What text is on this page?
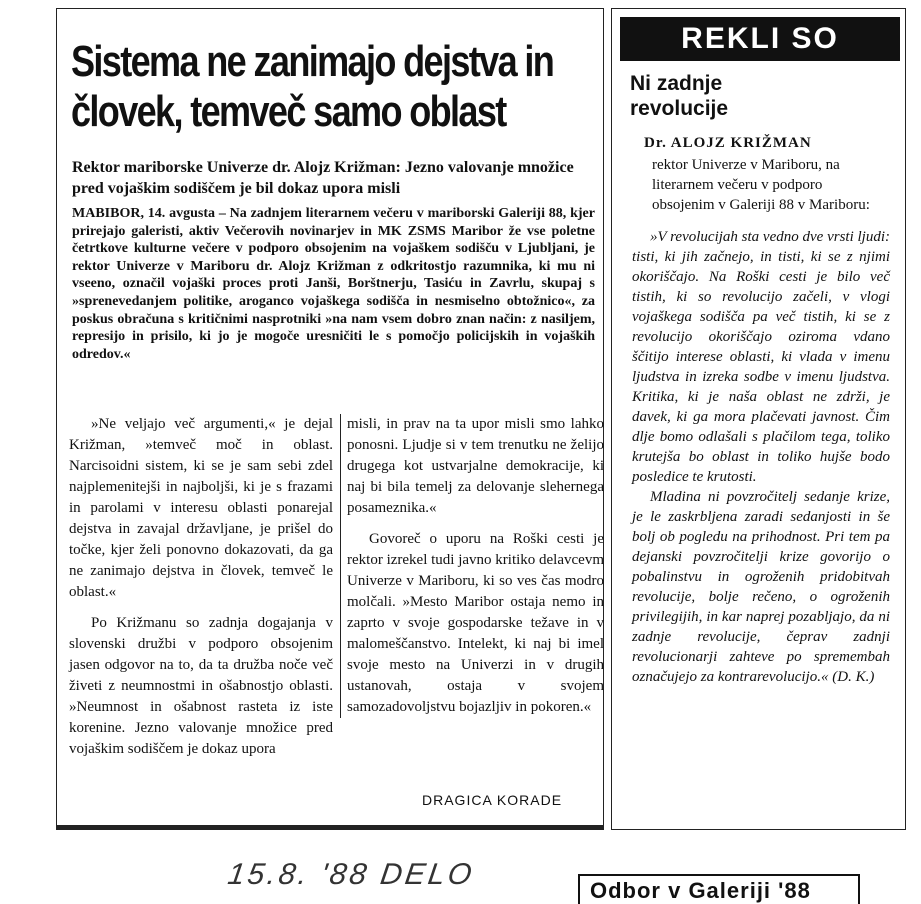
Sistema ne zanimajo dejstva in človek, temveč samo oblast

Rektor mariborske Univerze dr. Alojz Križman: Jezno valovanje množice pred vojaškim sodiščem je bil dokaz upora misli

MABIBOR, 14. avgusta – Na zadnjem literarnem večeru v mariborski Galeriji 88, kjer prirejajo galeristi, aktiv Večerovih novinarjev in MK ZSMS Maribor že vse poletne četrtkove kulturne večere v podporo obsojenim na vojaškem sodišču v Ljubljani, je rektor Univerze v Mariboru dr. Alojz Križman z odkritostjo razumnika, ki mu ni vseeno, označil vojaški proces proti Janši, Borštnerju, Tasiću in Zavrlu, skupaj s »sprenevedanjem politike, aroganco vojaškega sodišča in nesmiselno obtožnico«, za poskus obračuna s kritičnimi nasprotniki »na nam vsem dobro znan način: z nasiljem, represijo in prisilo, ki jo je mogoče uresničiti le s pomočjo policijskih in vojaških odredov.«

»Ne veljajo več argumenti,« je dejal Križman, »temveč moč in oblast. Narcisoidni sistem, ki se je sam sebi zdel najplemenitejši in najboljši, ki je s frazami in parolami v interesu oblasti ponarejal dejstva in zavajal državljane, je prišel do točke, kjer želi ponovno dokazovati, da ga ne zanimajo dejstva in človek, temveč le oblast.«

Po Križmanu so zadnja dogajanja v slovenski družbi v podporo obsojenim jasen odgovor na to, da ta družba noče več živeti z neumnostmi in ošabnostjo oblasti. »Neumnost in ošabnost rasteta iz iste korenine. Jezno valovanje množice pred vojaškim sodiščem je dokaz upora

misli, in prav na ta upor misli smo lahko ponosni. Ljudje si v tem trenutku ne želijo drugega kot ustvarjalne demokracije, ki naj bi bila temelj za delovanje slehernega posameznika.«

Govoreč o uporu na Roški cesti je rektor izrekel tudi javno kritiko delavcevm Univerze v Mariboru, ki so ves čas modro molčali. »Mesto Maribor ostaja nemo in zaprto v svoje gospodarske težave in v malomeščanstvo. Intelekt, ki naj bi imel svoje mesto na Univerzi in v drugih ustanovah, ostaja v svojem samozadovoljstvu bojazljiv in pokoren.«

DRAGICA KORADE
REKLI SO
Ni zadnje
revolucije
Dr. ALOJZ KRIŽMAN

rektor Univerze v Mariboru, na literarnem večeru v podporo obsojenim v Galeriji 88 v Mariboru:

»V revolucijah sta vedno dve vrsti ljudi: tisti, ki jih začnejo, in tisti, ki se z njimi okoriščajo. Na Roški cesti je bilo več tistih, ki so revolucijo začeli, v vlogi vojaškega sodišča pa več tistih, ki se z revolucijo okoriščajo oziroma vdano ščitijo interese oblasti, ki vlada v imenu ljudstva in izreka sodbe v imenu ljudstva. Kritika, ki je naša oblast ne zdrži, je davek, ki ga mora plačevati javnost. Čim dlje bomo odlašali s plačilom tega, toliko krutejša bo oblast in toliko hujše bodo posledice te krutosti.

Mladina ni povzročitelj sedanje krize, je le zaskrbljena zaradi sedanjosti in še bolj ob pogledu na prihodnost. Pri tem pa dejanski povzročitelji krize govorijo o pobalinstvu in ogroženih pridobitvah revolucije, bolje rečeno, o ogroženih privilegijih, in kar naprej pozabljajo, da ni zadnje revolucije, čeprav zadnji revolucionarji zahteve po spremembah označujejo za kontrarevolucijo.« (D. K.)

15.8. '88 DELO	Odbor v Galeriji '88
